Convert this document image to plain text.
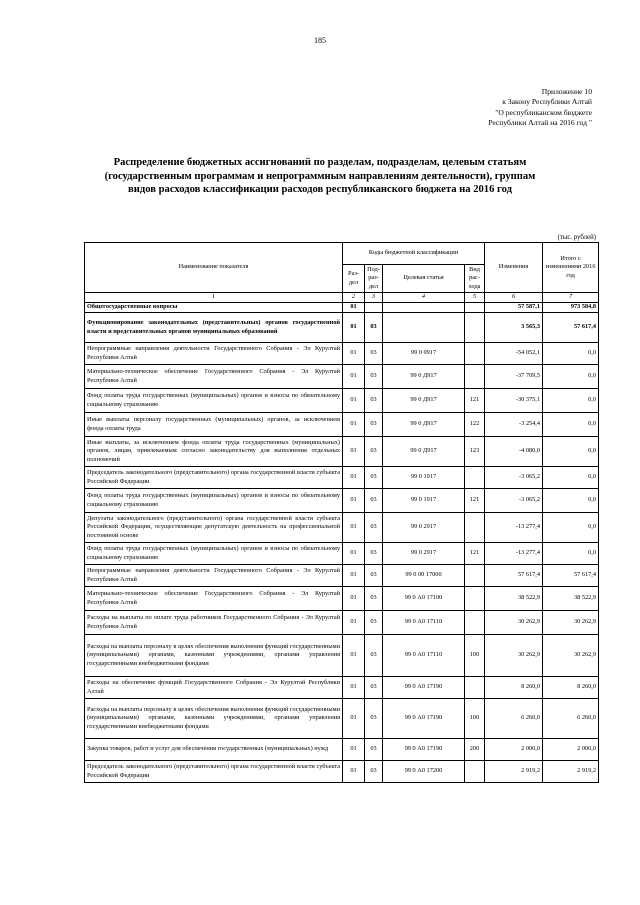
185
Приложение 10
к Закону Республики Алтай
"О республиканском бюджете
Республики Алтай на 2016 год "
Распределение бюджетных ассигнований по разделам, подразделам, целевым статьям (государственным программам и непрограммным направлениям деятельности), группам видов расходов классификации расходов республиканского бюджета на 2016 год
(тыс. рублей)
Наименование показателя	Коды бюджетной классификации				Изменения	Итого с изменениями 2016 год
	Раз-дел	Под-раз-дел	Целевая статья	Вид рас-хода		
1	2	3	4	5	6	7
Общегосударственные вопросы	01				57 587,1	973 584,8
Функционирование законодательных (представительных) органов государственной власти и представительных органов муниципальных образований	01	03			3 565,3	57 617,4
Непрограммные направления деятельности Государственного Собрания - Эл Курултай Республики Алтай	01	03	99 0 0917		-54 052,1	0,0
Материально-техническое обеспечение Государственного Собрания - Эл Курултай Республики Алтай	01	03	99 0 Д917		-37 709,5	0,0
Фонд оплаты труда государственных (муниципальных) органов и взносы по обязательному социальному страхованию	01	03	99 0 Д917	121	-30 375,1	0,0
Иные выплаты персоналу государственных (муниципальных) органов, за исключением фонда оплаты труда	01	03	99 0 Д917	122	-3 254,4	0,0
Иные выплаты, за исключением фонда оплаты труда государственных (муниципальных) органов, лицам, привлекаемым согласно законодательству для выполнения отдельных полномочий	01	03	99 0 Д917	123	-4 080,0	0,0
Председатель законодательного (представительного) органа государственной власти субъекта Российской Федерации	01	03	99 0 1917		-3 065,2	0,0
Фонд оплаты труда государственных (муниципальных) органов и взносы по обязательному социальному страхованию	01	03	99 0 1917	121	-3 065,2	0,0
Депутаты законодательного (представительного) органа государственной власти субъекта Российской Федерации, осуществляющие депутатскую деятельность на профессиональной постоянной основе	01	03	99 0 2917		-13 277,4	0,0
Фонд оплаты труда государственных (муниципальных) органов и взносы по обязательному социальному страхованию	01	03	99 0 2917	121	-13 277,4	0,0
Непрограммные направления деятельности Государственного Собрания - Эл Курултай Республики Алтай	01	03	99 0 00 17000		57 617,4	57 617,4
Материально-техническое обеспечение Государственного Собрания - Эл Курултай Республики Алтай	01	03	99 0 А0 17100		38 522,9	38 522,9
Расходы на выплаты по оплате труда работников Государственного Собрания - Эл Курултай Республики Алтай	01	03	99 0 А0 17110		30 262,9	30 262,9
Расходы на выплаты персоналу в целях обеспечения выполнения функций государственными (муниципальными) органами, казенными учреждениями, органами управления государственными внебюджетными фондами	01	03	99 0 А0 17110	100	30 262,9	30 262,9
Расходы на обеспечение функций Государственного Собрания - Эл Курултай Республики Алтай	01	03	99 0 А0 17190		8 260,0	8 260,0
Расходы на выплаты персоналу в целях обеспечения выполнения функций государственными (муниципальными) органами, казенными учреждениями, органами управления государственными внебюджетными фондами	01	03	99 0 А0 17190	100	6 260,0	6 260,0
Закупка товаров, работ и услуг для обеспечения государственных (муниципальных) нужд	01	03	99 0 А0 17190	200	2 000,0	2 000,0
Председатель законодательного (представительного) органа государственной власти субъекта Российской Федерации	01	03	99 0 А0 17200		2 919,2	2 919,2
